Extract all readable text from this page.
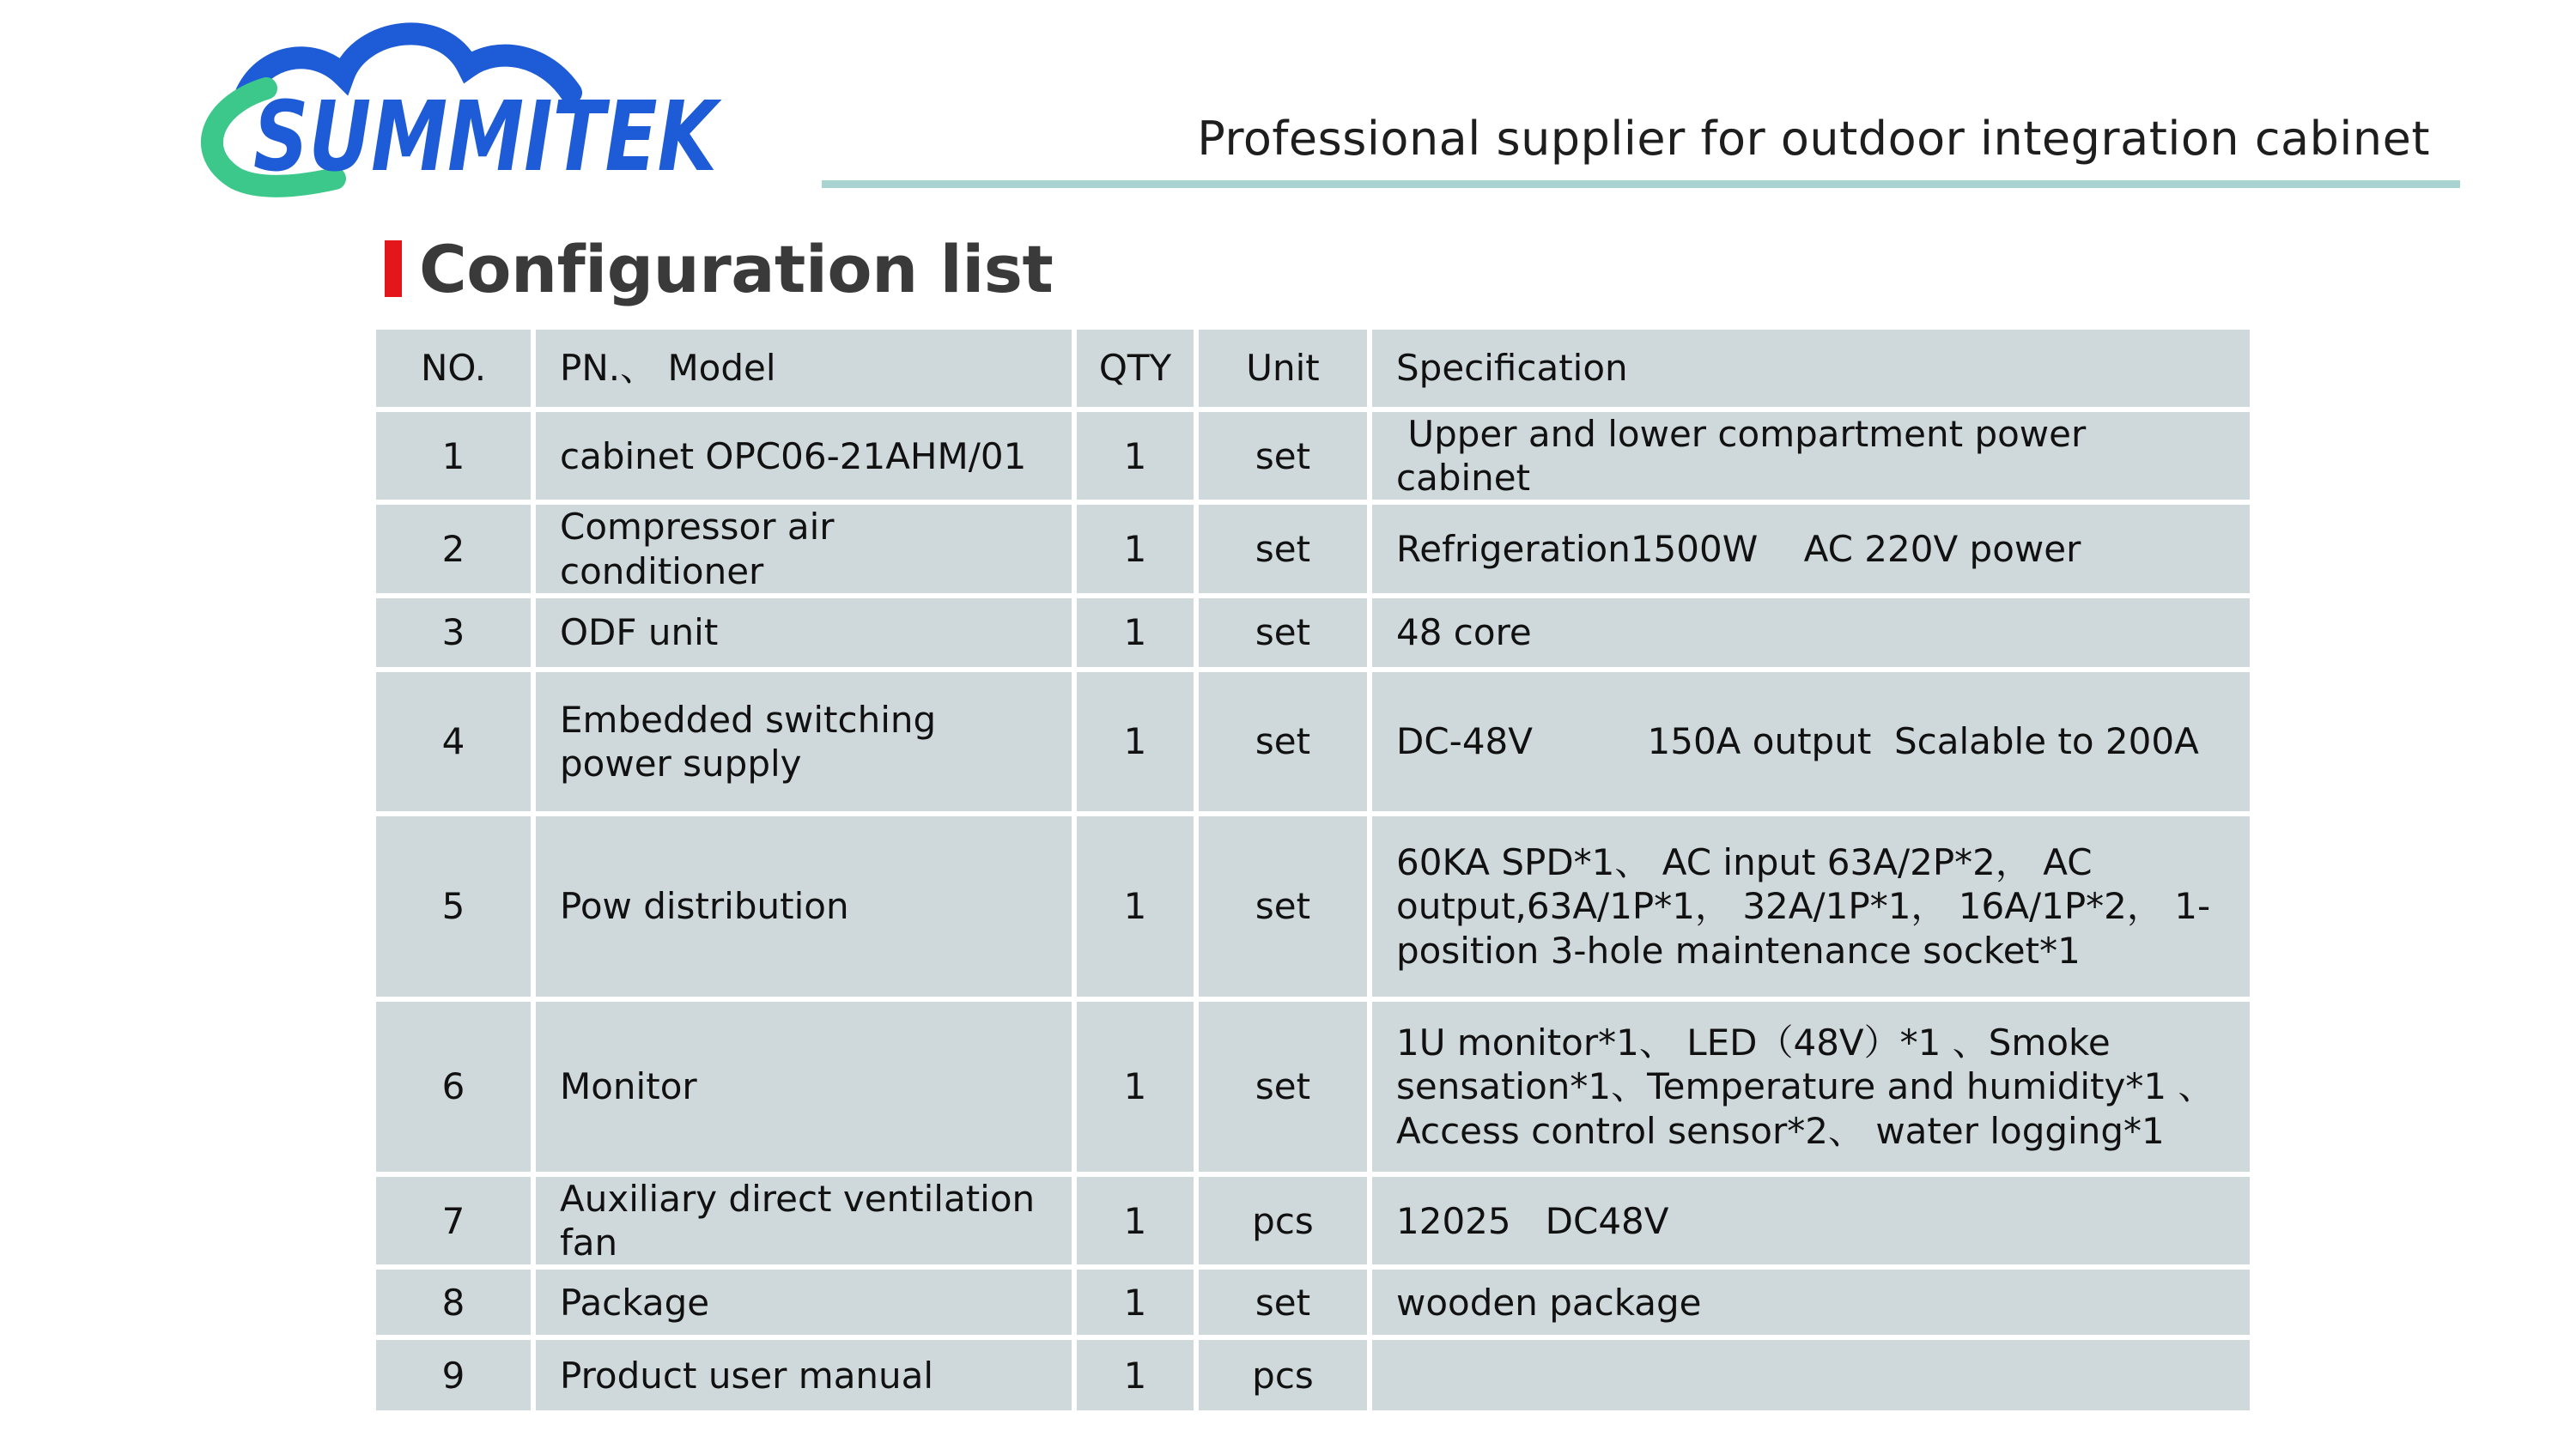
SUMMITEK	Professional supplier for outdoor integration cabinet
Configuration list
NO.	PN.、 Model	QTY	Unit	Specification
1	cabinet OPC06-21AHM/01	1	set	Upper and lower compartment power cabinet
2	Compressor air conditioner	1	set	Refrigeration1500W    AC 220V power
3	ODF unit	1	set	48 core
4	Embedded switching power supply	1	set	DC-48V          150A output  Scalable to 200A
5	Pow distribution	1	set	60KA SPD*1、 AC input 63A/2P*2， AC output,63A/1P*1， 32A/1P*1， 16A/1P*2， 1-position 3-hole maintenance socket*1
6	Monitor	1	set	1U monitor*1、 LED（48V）*1 、Smoke sensation*1、Temperature and humidity*1 、 Access control sensor*2、 water logging*1
7	Auxiliary direct ventilation fan	1	pcs	12025   DC48V
8	Package	1	set	wooden package
9	Product user manual	1	pcs	
